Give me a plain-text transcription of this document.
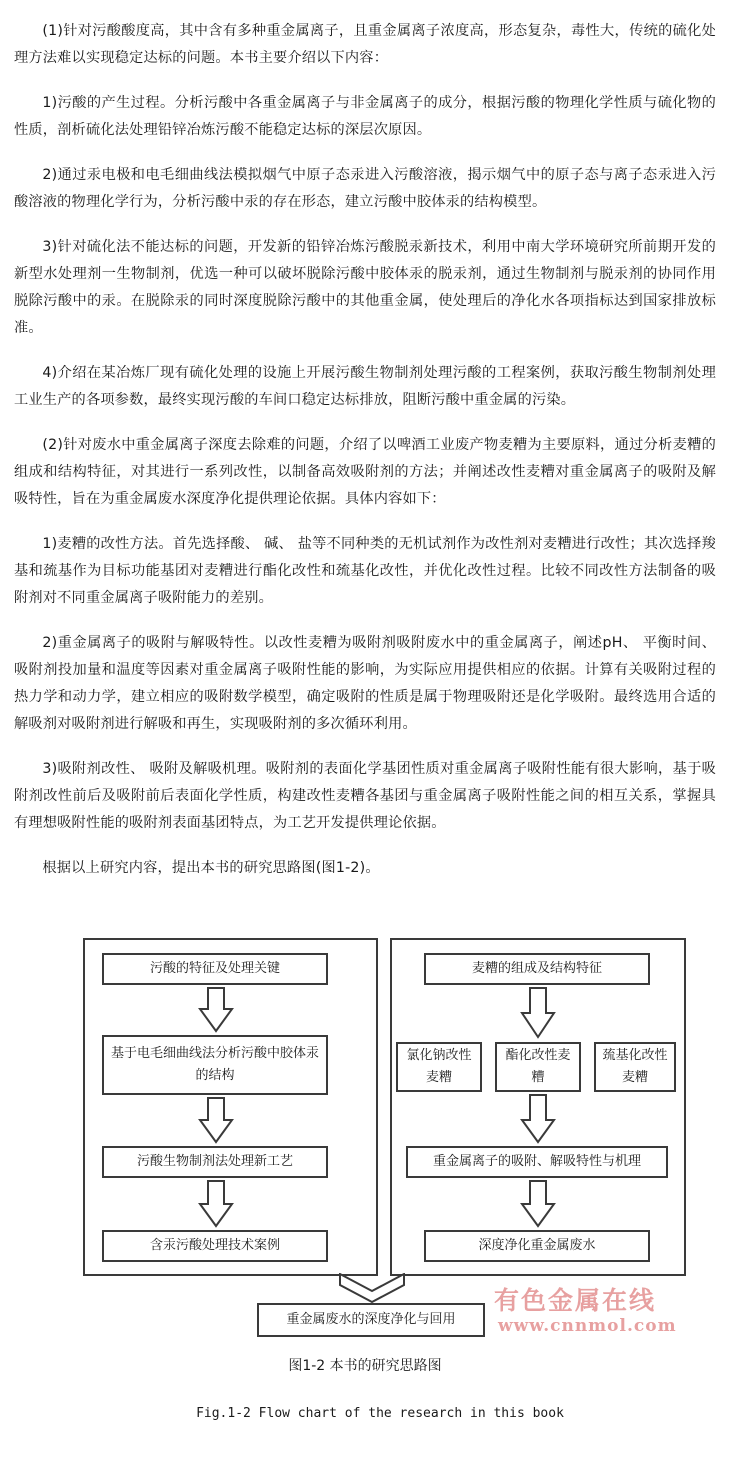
(1)针对污酸酸度高，其中含有多种重金属离子，且重金属离子浓度高，形态复杂，毒性大，传统的硫化处理方法难以实现稳定达标的问题。本书主要介绍以下内容：

1)污酸的产生过程。分析污酸中各重金属离子与非金属离子的成分，根据污酸的物理化学性质与硫化物的性质，剖析硫化法处理铅锌冶炼污酸不能稳定达标的深层次原因。

2)通过汞电极和电毛细曲线法模拟烟气中原子态汞进入污酸溶液，揭示烟气中的原子态与离子态汞进入污酸溶液的物理化学行为，分析污酸中汞的存在形态，建立污酸中胶体汞的结构模型。

3)针对硫化法不能达标的问题，开发新的铅锌冶炼污酸脱汞新技术，利用中南大学环境研究所前期开发的新型水处理剂一生物制剂，优选一种可以破坏脱除污酸中胶体汞的脱汞剂，通过生物制剂与脱汞剂的协同作用脱除污酸中的汞。在脱除汞的同时深度脱除污酸中的其他重金属，使处理后的净化水各项指标达到国家排放标准。

4)介绍在某冶炼厂现有硫化处理的设施上开展污酸生物制剂处理污酸的工程案例，获取污酸生物制剂处理工业生产的各项参数，最终实现污酸的车间口稳定达标排放，阻断污酸中重金属的污染。

(2)针对废水中重金属离子深度去除难的问题，介绍了以啤酒工业废产物麦糟为主要原料，通过分析麦糟的组成和结构特征，对其进行一系列改性，以制备高效吸附剂的方法；并阐述改性麦糟对重金属离子的吸附及解吸特性，旨在为重金属废水深度净化提供理论依据。具体内容如下：

1)麦糟的改性方法。首先选择酸、 碱、 盐等不同种类的无机试剂作为改性剂对麦糟进行改性；其次选择羧基和巯基作为目标功能基团对麦糟进行酯化改性和巯基化改性，并优化改性过程。比较不同改性方法制备的吸附剂对不同重金属离子吸附能力的差别。

2)重金属离子的吸附与解吸特性。以改性麦糟为吸附剂吸附废水中的重金属离子，阐述pH、 平衡时间、 吸附剂投加量和温度等因素对重金属离子吸附性能的影响，为实际应用提供相应的依据。计算有关吸附过程的热力学和动力学，建立相应的吸附数学模型，确定吸附的性质是属于物理吸附还是化学吸附。最终选用合适的解吸剂对吸附剂进行解吸和再生，实现吸附剂的多次循环利用。

3)吸附剂改性、 吸附及解吸机理。吸附剂的表面化学基团性质对重金属离子吸附性能有很大影响，基于吸附剂改性前后及吸附前后表面化学性质，构建改性麦糟各基团与重金属离子吸附性能之间的相互关系，掌握具有理想吸附性能的吸附剂表面基团特点，为工艺开发提供理论依据。

根据以上研究内容，提出本书的研究思路图(图1-2)。

污酸的特征及处理关键
基于电毛细曲线法分析污酸中胶体汞的结构
污酸生物制剂法处理新工艺
含汞污酸处理技术案例
麦糟的组成及结构特征
氯化钠改性麦糟
酯化改性麦糟
巯基化改性麦糟
重金属离子的吸附、解吸特性与机理
深度净化重金属废水
重金属废水的深度净化与回用
有色金属在线
www.cnnmol.com
图1-2 本书的研究思路图
Fig.1-2 Flow chart of the research in this book
